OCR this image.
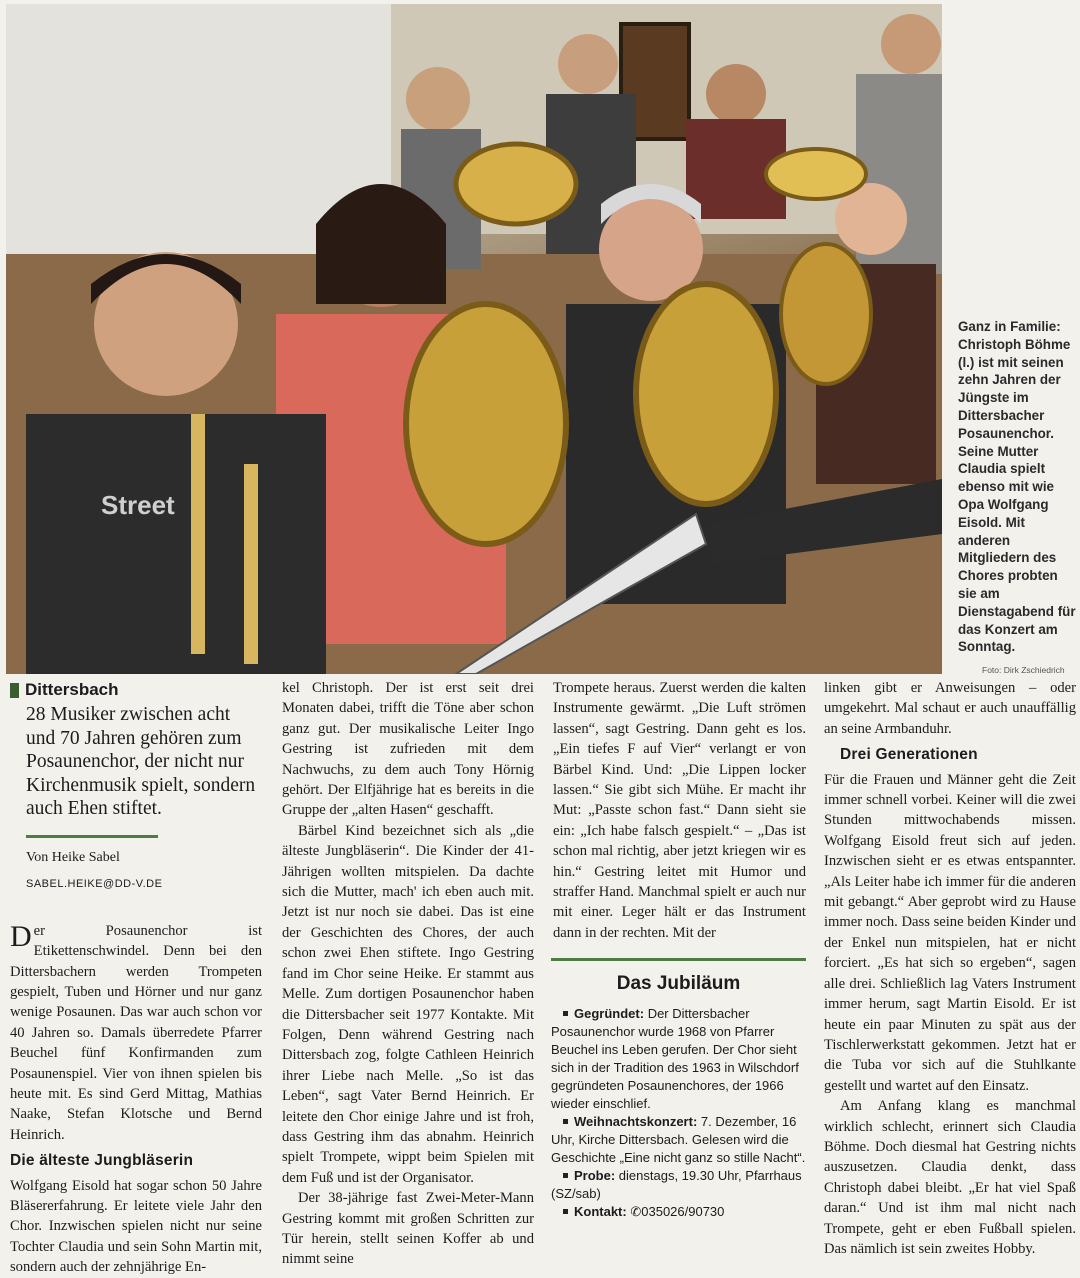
Street
Ganz in Familie: Christoph Böhme (l.) ist mit seinen zehn Jahren der Jüngste im Dittersbacher Posaunenchor. Seine Mutter Claudia spielt ebenso mit wie Opa Wolfgang Eisold. Mit anderen Mitgliedern des Chores probten sie am Dienstagabend für das Konzert am Sonntag.
Foto: Dirk Zschiedrich
Dittersbach
28 Musiker zwischen acht und 70 Jahren gehören zum Posaunenchor, der nicht nur Kirchenmusik spielt, sondern auch Ehen stiftet.
Von Heike Sabel
SABEL.HEIKE@DD-V.DE

Der Posaunenchor ist Etikettenschwindel. Denn bei den Dittersbachern werden Trompeten gespielt, Tuben und Hörner und nur ganz wenige Posaunen. Das war auch schon vor 40 Jahren so. Damals überredete Pfarrer Beuchel fünf Konfirmanden zum Posaunenspiel. Vier von ihnen spielen bis heute mit. Es sind Gerd Mittag, Mathias Naake, Stefan Klotsche und Bernd Heinrich.

Die älteste Jungbläserin

Wolfgang Eisold hat sogar schon 50 Jahre Bläsererfahrung. Er leitete viele Jahr den Chor. Inzwischen spielen nicht nur seine Tochter Claudia und sein Sohn Martin mit, sondern auch der zehnjährige En-

kel Christoph. Der ist erst seit drei Monaten dabei, trifft die Töne aber schon ganz gut. Der musikalische Leiter Ingo Gestring ist zufrieden mit dem Nachwuchs, zu dem auch Tony Hörnig gehört. Der Elfjährige hat es bereits in die Gruppe der „alten Hasen“ geschafft.

Bärbel Kind bezeichnet sich als „die älteste Jungbläserin“. Die Kinder der 41-Jährigen wollten mitspielen. Da dachte sich die Mutter, mach' ich eben auch mit. Jetzt ist nur noch sie dabei. Das ist eine der Geschichten des Chores, der auch schon zwei Ehen stiftete. Ingo Gestring fand im Chor seine Heike. Er stammt aus Melle. Zum dortigen Posaunenchor haben die Dittersbacher seit 1977 Kontakte. Mit Folgen, Denn während Gestring nach Dittersbach zog, folgte Cathleen Heinrich ihrer Liebe nach Melle. „So ist das Leben“, sagt Vater Bernd Heinrich. Er leitete den Chor einige Jahre und ist froh, dass Gestring ihm das abnahm. Heinrich spielt Trompete, wippt beim Spielen mit dem Fuß und ist der Organisator.

Der 38-jährige fast Zwei-Meter-Mann Gestring kommt mit großen Schritten zur Tür herein, stellt seinen Koffer ab und nimmt seine

Trompete heraus. Zuerst werden die kalten Instrumente gewärmt. „Die Luft strömen lassen“, sagt Gestring. Dann geht es los. „Ein tiefes F auf Vier“ verlangt er von Bärbel Kind. Und: „Die Lippen locker lassen.“ Sie gibt sich Mühe. Er macht ihr Mut: „Passte schon fast.“ Dann sieht sie ein: „Ich habe falsch gespielt.“ – „Das ist schon mal richtig, aber jetzt kriegen wir es hin.“ Gestring leitet mit Humor und straffer Hand. Manchmal spielt er auch nur mit einer. Leger hält er das Instrument dann in der rechten. Mit der

Das Jubiläum
Gegründet: Der Dittersbacher Posaunenchor wurde 1968 von Pfarrer Beuchel ins Leben gerufen. Der Chor sieht sich in der Tradition des 1963 in Wilschdorf gegründeten Posaunenchores, der 1966 wieder einschlief.
Weihnachtskonzert: 7. Dezember, 16 Uhr, Kirche Dittersbach. Gelesen wird die Geschichte „Eine nicht ganz so stille Nacht“.
Probe: dienstags, 19.30 Uhr, Pfarrhaus (SZ/sab)
Kontakt: ✆035026/90730

linken gibt er Anweisungen – oder umgekehrt. Mal schaut er auch unauffällig an seine Armbanduhr.

Drei Generationen

Für die Frauen und Männer geht die Zeit immer schnell vorbei. Keiner will die zwei Stunden mittwochabends missen. Wolfgang Eisold freut sich auf jeden. Inzwischen sieht er es etwas entspannter. „Als Leiter habe ich immer für die anderen mit gebangt.“ Aber geprobt wird zu Hause immer noch. Dass seine beiden Kinder und der Enkel nun mitspielen, hat er nicht forciert. „Es hat sich so ergeben“, sagen alle drei. Schließlich lag Vaters Instrument immer herum, sagt Martin Eisold. Er ist heute ein paar Minuten zu spät aus der Tischlerwerkstatt gekommen. Jetzt hat er die Tuba vor sich auf die Stuhlkante gestellt und wartet auf den Einsatz.

Am Anfang klang es manchmal wirklich schlecht, erinnert sich Claudia Böhme. Doch diesmal hat Gestring nichts auszusetzen. Claudia denkt, dass Christoph dabei bleibt. „Er hat viel Spaß daran.“ Und ist ihm mal nicht nach Trompete, geht er eben Fußball spielen. Das nämlich ist sein zweites Hobby.
